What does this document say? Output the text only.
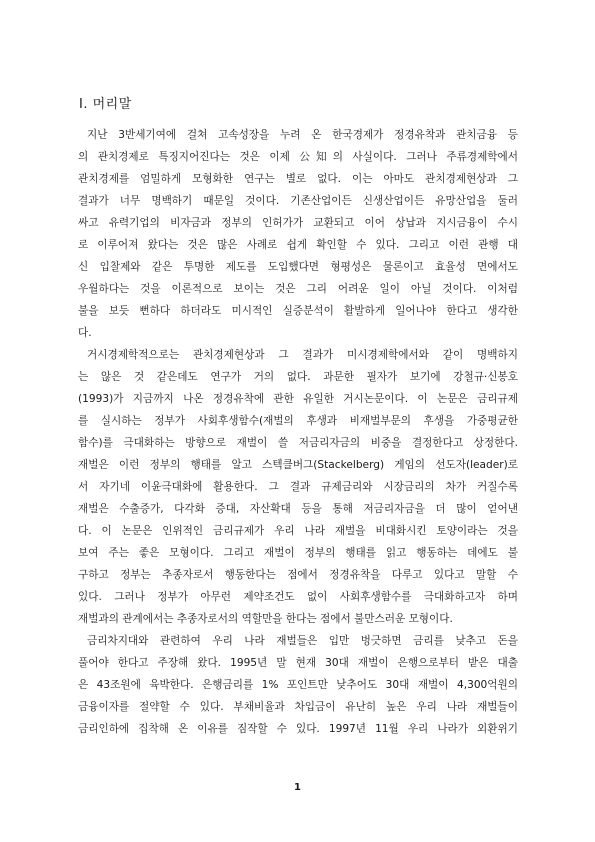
Ⅰ. 머리말
지난 3반세기여에 걸쳐 고속성장을 누려 온 한국경제가 정경유착과 관치금융 등
의 관치경제로 특징지어진다는 것은 이제 公知의 사실이다. 그러나 주류경제학에서
관치경제를 엄밀하게 모형화한 연구는 별로 없다. 이는 아마도 관치경제현상과 그
결과가 너무 명백하기 때문일 것이다. 기존산업이든 신생산업이든 유망산업을 둘러
싸고 유력기업의 비자금과 정부의 인허가가 교환되고 이어 상납과 지시금융이 수시
로 이루어져 왔다는 것은 많은 사례로 쉽게 확인할 수 있다. 그리고 이런 관행 대
신 입찰제와 같은 투명한 제도를 도입했다면 형평성은 물론이고 효율성 면에서도
우월하다는 것을 이론적으로 보이는 것은 그리 어려운 일이 아닐 것이다. 이처럼
불을 보듯 뻔하다 하더라도 미시적인 실증분석이 활발하게 일어나야 한다고 생각한
다.
거시경제학적으로는 관치경제현상과 그 결과가 미시경제학에서와 같이 명백하지
는 않은 것 같은데도 연구가 거의 없다. 과문한 필자가 보기에 강철규·신봉호
(1993)가 지금까지 나온 정경유착에 관한 유일한 거시논문이다. 이 논문은 금리규제
를 실시하는 정부가 사회후생함수(재벌의 후생과 비재벌부문의 후생을 가중평균한
함수)를 극대화하는 방향으로 재벌이 쓸 저금리자금의 비중을 결정한다고 상정한다.
재벌은 이런 정부의 행태를 알고 스텍클버그(Stackelberg) 게임의 선도자(leader)로
서 자기네 이윤극대화에 활용한다. 그 결과 규제금리와 시장금리의 차가 커질수록
재벌은 수출증가, 다각화 증대, 자산확대 등을 통해 저금리자금을 더 많이 얻어낸
다. 이 논문은 인위적인 금리규제가 우리 나라 재벌을 비대화시킨 토양이라는 것을
보여 주는 좋은 모형이다. 그리고 재벌이 정부의 행태를 읽고 행동하는 데에도 불
구하고 정부는 추종자로서 행동한다는 점에서 정경유착을 다루고 있다고 말할 수
있다. 그러나 정부가 아무런 제약조건도 없이 사회후생함수를 극대화하고자 하며
재벌과의 관계에서는 추종자로서의 역할만을 한다는 점에서 불만스러운 모형이다.
금리차지대와 관련하여 우리 나라 재벌들은 입만 벙긋하면 금리를 낮추고 돈을
풀어야 한다고 주장해 왔다. 1995년 말 현재 30대 재벌이 은행으로부터 받은 대출
은 43조원에 육박한다. 은행금리를 1% 포인트만 낮추어도 30대 재벌이 4,300억원의
금융이자를 절약할 수 있다. 부채비율과 차입금이 유난히 높은 우리 나라 재벌들이
금리인하에 집착해 온 이유를 짐작할 수 있다. 1997년 11월 우리 나라가 외환위기
1
